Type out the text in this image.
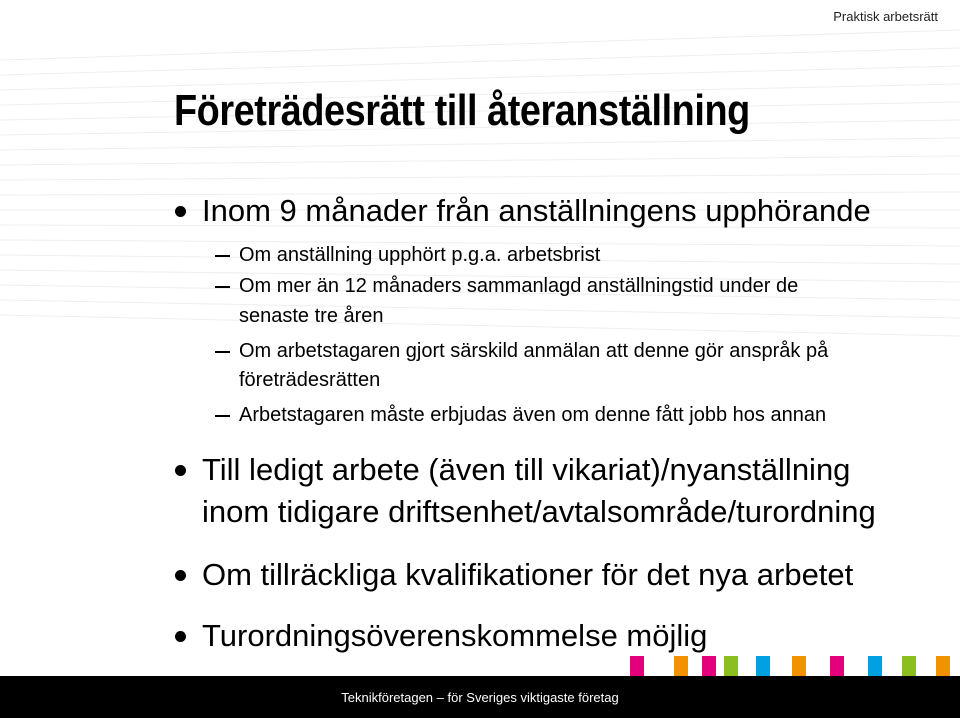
Praktisk arbetsrätt
Företrädesrätt till återanställning
Inom 9 månader från anställningens upphörande
Om anställning upphört p.g.a. arbetsbrist
Om mer än 12 månaders sammanlagd anställningstid under de
senaste tre åren
Om arbetstagaren gjort särskild anmälan att denne gör anspråk på
företrädesrätten
Arbetstagaren måste erbjudas även om denne fått jobb hos annan
Till ledigt arbete (även till vikariat)/nyanställning
inom tidigare driftsenhet/avtalsområde/turordning
Om tillräckliga kvalifikationer för det nya arbetet
Turordningsöverenskommelse möjlig
Teknikföretagen – för Sveriges viktigaste företag
